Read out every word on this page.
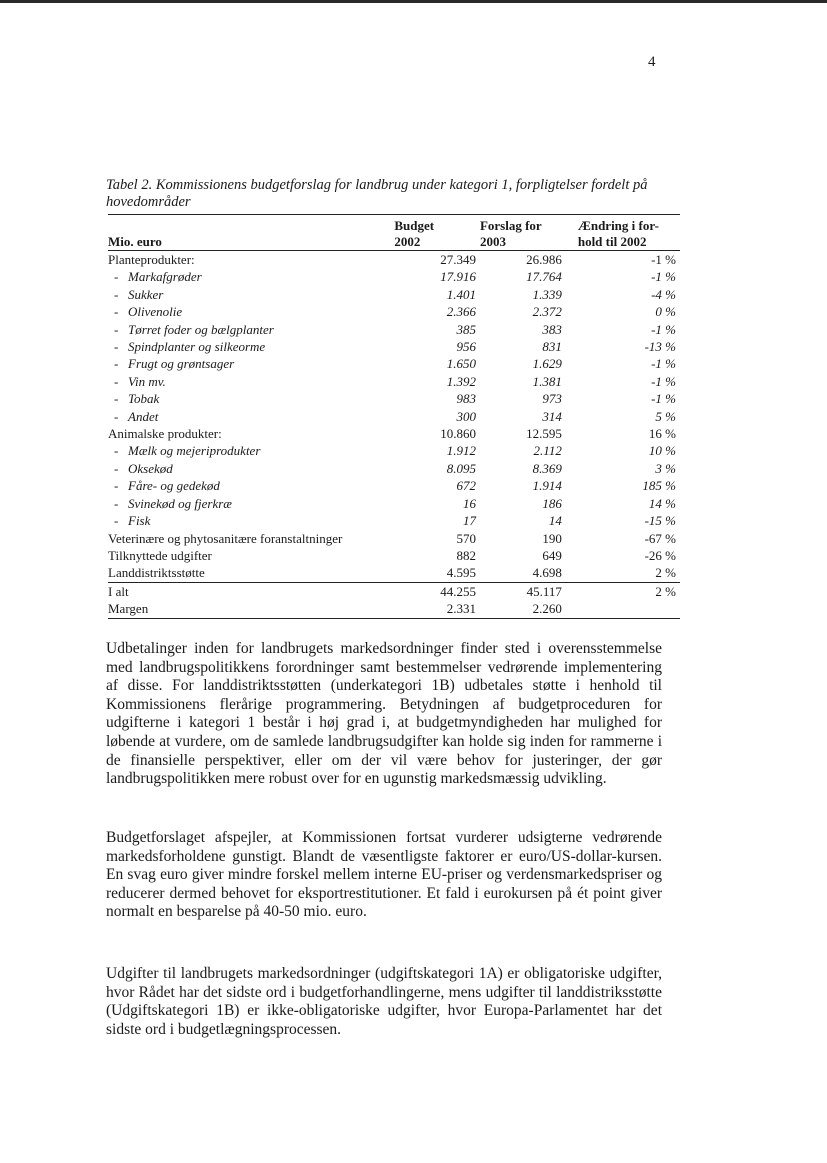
4
Tabel 2. Kommissionens budgetforslag for landbrug under kategori 1, forpligtelser fordelt på hovedområder
	Budget	Forslag for	Ændring i for-
Mio. euro	2002	2003	hold til 2002
Planteprodukter:	27.349	26.986	-1 %
- Markafgrøder	17.916	17.764	-1 %
- Sukker	1.401	1.339	-4 %
- Olivenolie	2.366	2.372	0 %
- Tørret foder og bælgplanter	385	383	-1 %
- Spindplanter og silkeorme	956	831	-13 %
- Frugt og grøntsager	1.650	1.629	-1 %
- Vin mv.	1.392	1.381	-1 %
- Tobak	983	973	-1 %
- Andet	300	314	5 %
Animalske produkter:	10.860	12.595	16 %
- Mælk og mejeriprodukter	1.912	2.112	10 %
- Oksekød	8.095	8.369	3 %
- Fåre- og gedekød	672	1.914	185 %
- Svinekød og fjerkræ	16	186	14 %
- Fisk	17	14	-15 %
Veterinære og phytosanitære foranstaltninger	570	190	-67 %
Tilknyttede udgifter	882	649	-26 %
Landdistriktsstøtte	4.595	4.698	2 %
I alt	44.255	45.117	2 %
Margen	2.331	2.260	
Udbetalinger inden for landbrugets markedsordninger finder sted i overensstemmelse med landbrugspolitikkens forordninger samt bestemmelser vedrørende implementering af disse. For landdistriktsstøtten (underkategori 1B) udbetales støtte i henhold til Kommissionens flerårige programmering. Betydningen af budgetproceduren for udgifterne i kategori 1 består i høj grad i, at budgetmyndigheden har mulighed for løbende at vurdere, om de samlede landbrugsudgifter kan holde sig inden for rammerne i de finansielle perspektiver, eller om der vil være behov for justeringer, der gør landbrugspolitikken mere robust over for en ugunstig markedsmæssig udvikling.
Budgetforslaget afspejler, at Kommissionen fortsat vurderer udsigterne vedrørende markedsforholdene gunstigt. Blandt de væsentligste faktorer er euro/US-dollar-kursen. En svag euro giver mindre forskel mellem interne EU-priser og verdensmarkedspriser og reducerer dermed behovet for eksportrestitutioner. Et fald i eurokursen på ét point giver normalt en besparelse på 40-50 mio. euro.
Udgifter til landbrugets markedsordninger (udgiftskategori 1A) er obligatoriske udgifter, hvor Rådet har det sidste ord i budgetforhandlingerne, mens udgifter til landdistriksstøtte (Udgiftskategori 1B) er ikke-obligatoriske udgifter, hvor Europa-Parlamentet har det sidste ord i budgetlægningsprocessen.
